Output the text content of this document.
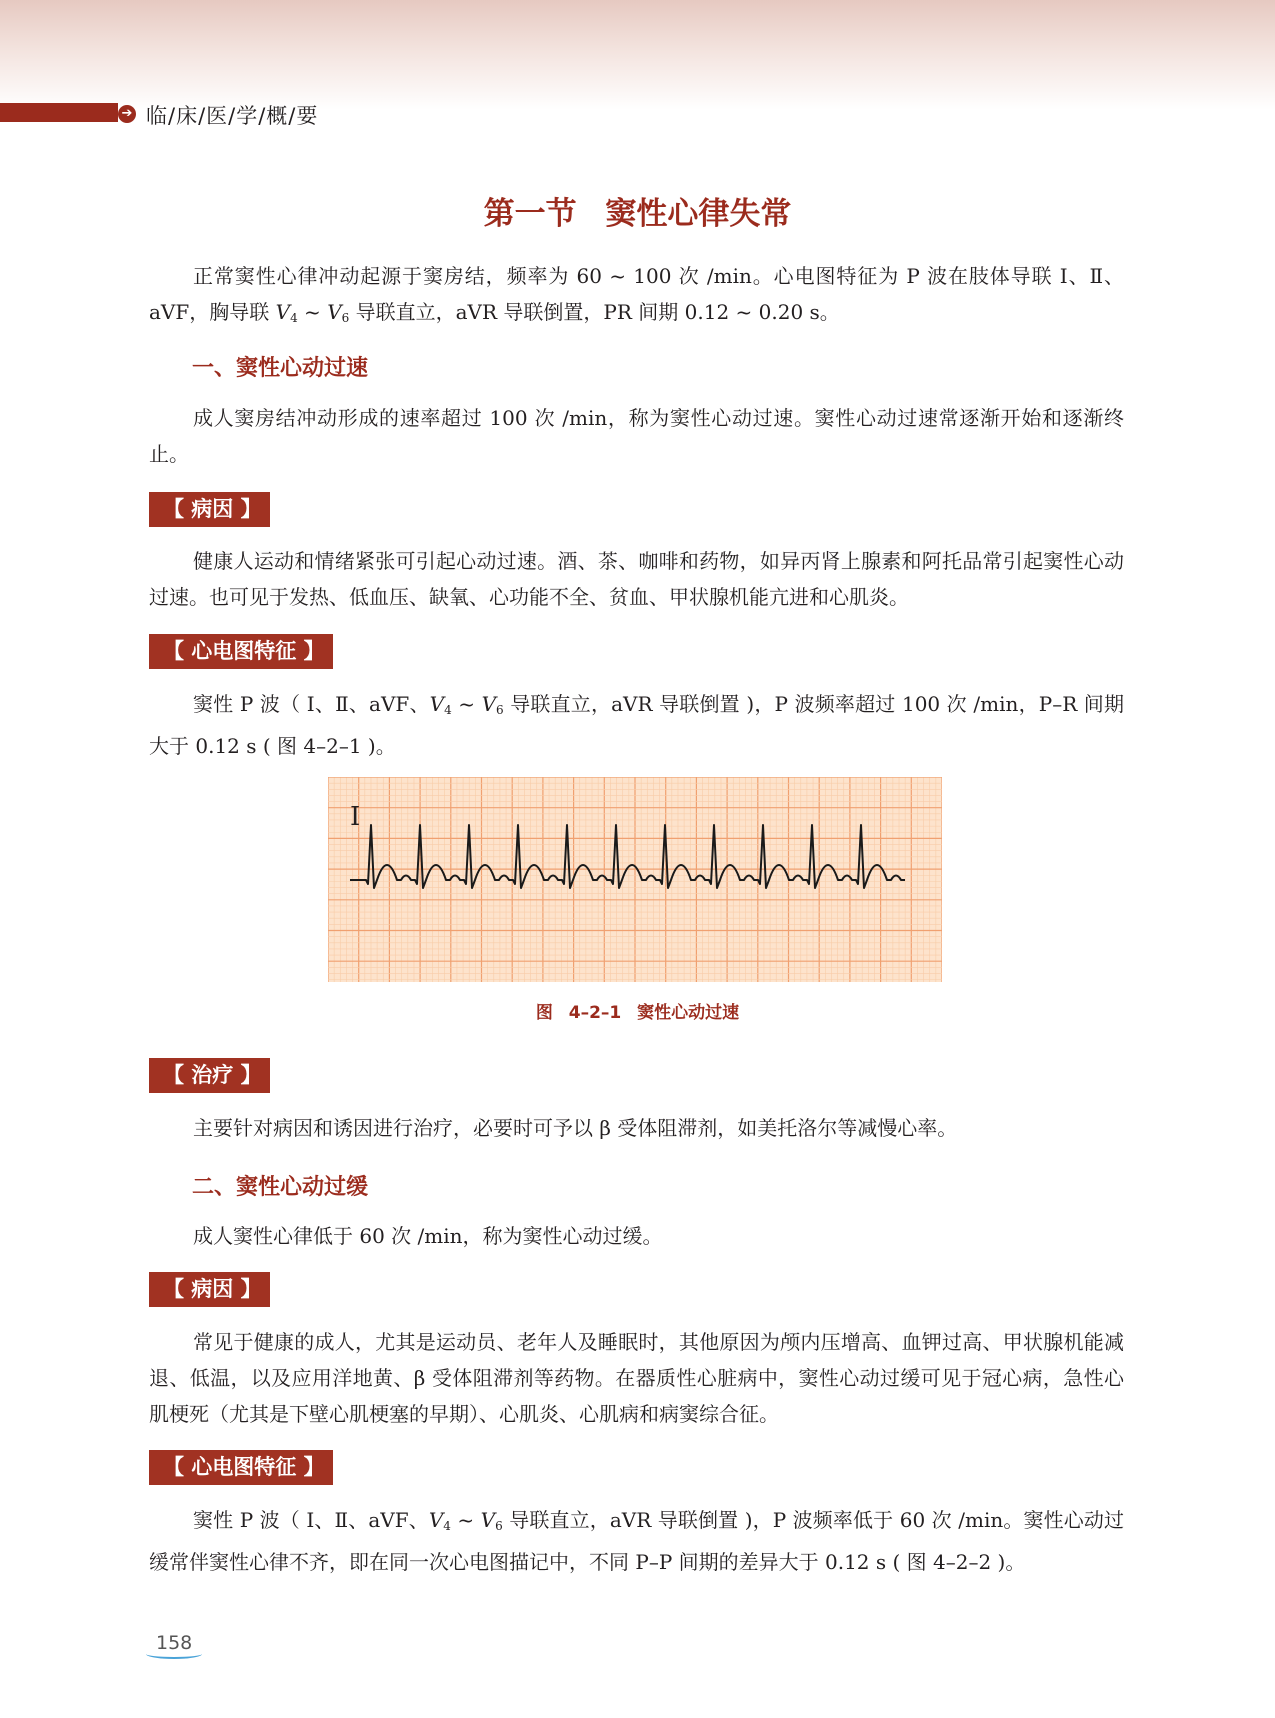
➔ 临/床/医/学/概/要
第一节 窦性心律失常

正常窦性心律冲动起源于窦房结，频率为 60 ~ 100 次 /min。心电图特征为 P 波在肢体导联 Ⅰ、Ⅱ、aVF，胸导联 $V_4$ ~ $V_6$ 导联直立，aVR 导联倒置，PR 间期 0.12 ~ 0.20 s。

一、窦性心动过速

成人窦房结冲动形成的速率超过 100 次 /min，称为窦性心动过速。窦性心动过速常逐渐开始和逐渐终止。

【 病因 】

健康人运动和情绪紧张可引起心动过速。酒、茶、咖啡和药物，如异丙肾上腺素和阿托品常引起窦性心动过速。也可见于发热、低血压、缺氧、心功能不全、贫血、甲状腺机能亢进和心肌炎。

【 心电图特征 】

窦性 P 波（ Ⅰ、Ⅱ、aVF、$V_4$ ~ $V_6$ 导联直立，aVR 导联倒置 )，P 波频率超过 100 次 /min，P–R 间期大于 0.12 s ( 图 4–2–1 )。

Ⅰ
图 4–2–1 窦性心动过速
【 治疗 】

主要针对病因和诱因进行治疗，必要时可予以 β 受体阻滞剂，如美托洛尔等减慢心率。

二、窦性心动过缓

成人窦性心律低于 60 次 /min，称为窦性心动过缓。

【 病因 】

常见于健康的成人，尤其是运动员、老年人及睡眠时，其他原因为颅内压增高、血钾过高、甲状腺机能减退、低温，以及应用洋地黄、β 受体阻滞剂等药物。在器质性心脏病中，窦性心动过缓可见于冠心病，急性心肌梗死（尤其是下壁心肌梗塞的早期）、心肌炎、心肌病和病窦综合征。

【 心电图特征 】

窦性 P 波（ Ⅰ、Ⅱ、aVF、$V_4$ ~ $V_6$ 导联直立，aVR 导联倒置 )，P 波频率低于 60 次 /min。窦性心动过缓常伴窦性心律不齐，即在同一次心电图描记中，不同 P–P 间期的差异大于 0.12 s ( 图 4–2–2 )。

158
